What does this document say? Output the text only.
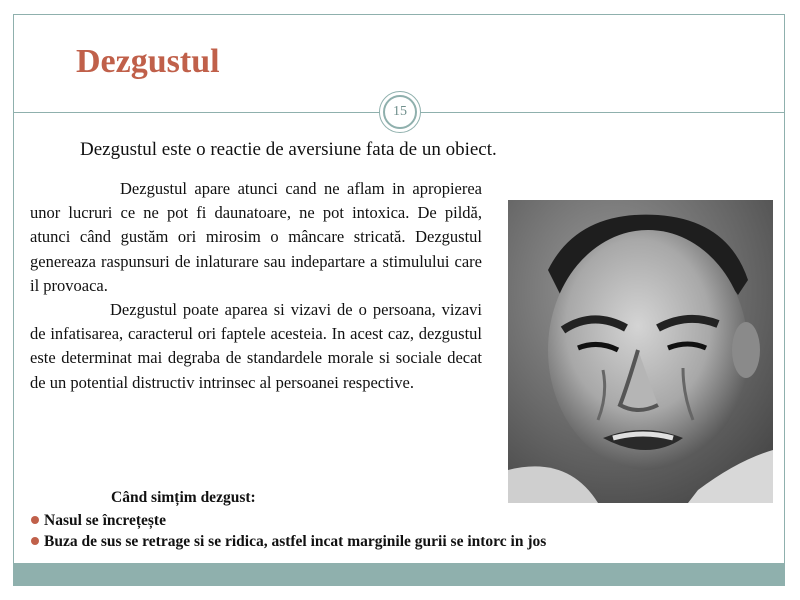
Dezgustul
15

Dezgustul este o reactie de aversiune fata de un obiect.

Dezgustul apare atunci cand ne aflam in apropierea unor lucruri ce ne pot fi daunatoare, ne pot intoxica. De pildă, atunci când gustăm ori mirosim o mâncare stricată. Dezgustul genereaza raspunsuri de inlaturare sau indepartare a stimulului care il provoaca.

Dezgustul poate aparea si vizavi de o persoana, vizavi de infatisarea, caracterul ori faptele acesteia. In acest caz, dezgustul este determinat mai degraba de standardele morale si sociale decat de un potential distructiv intrinsec al persoanei respective.

Când simțim dezgust:

Nasul se încrețește
Buza de sus se retrage si se ridica, astfel incat marginile gurii se intorc in jos
